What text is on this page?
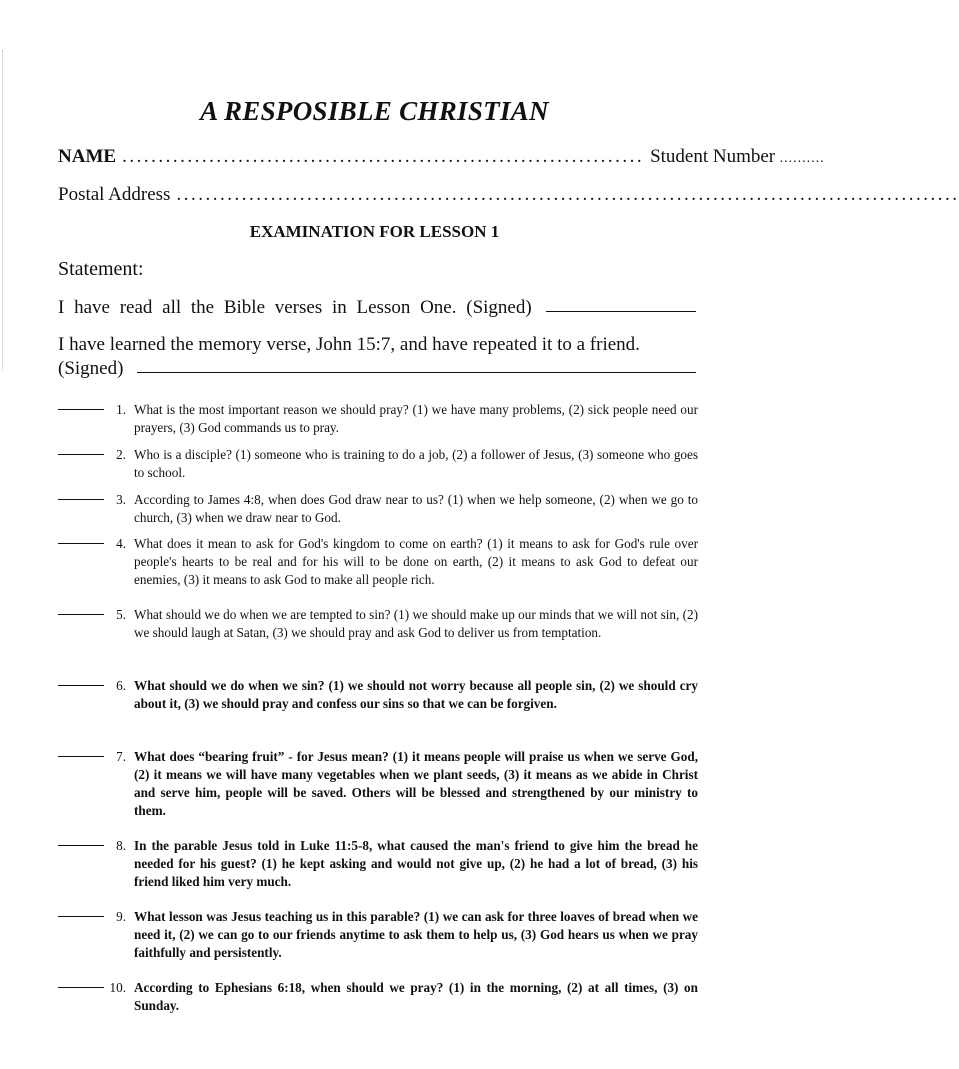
A RESPOSIBLE CHRISTIAN
NAME ........................................................................ Student Number ..........
Postal Address ............................................................................................................
EXAMINATION FOR LESSON 1
Statement:
I have read all the Bible verses in Lesson One. (Signed)
I have learned the memory verse, John 15:7, and have repeated it to a friend.
(Signed)
1. What is the most important reason we should pray? (1) we have many problems, (2) sick people need our prayers, (3) God commands us to pray.
2. Who is a disciple? (1) someone who is training to do a job, (2) a follower of Jesus, (3) someone who goes to school.
3. According to James 4:8, when does God draw near to us? (1) when we help someone, (2) when we go to church, (3) when we draw near to God.
4. What does it mean to ask for God's kingdom to come on earth? (1) it means to ask for God's rule over people's hearts to be real and for his will to be done on earth, (2) it means to ask God to defeat our enemies, (3) it means to ask God to make all people rich.
5. What should we do when we are tempted to sin? (1) we should make up our minds that we will not sin, (2) we should laugh at Satan, (3) we should pray and ask God to deliver us from temptation.
6. What should we do when we sin? (1) we should not worry because all people sin, (2) we should cry about it, (3) we should pray and confess our sins so that we can be forgiven.
7. What does “bearing fruit” - for Jesus mean? (1) it means people will praise us when we serve God, (2) it means we will have many vegetables when we plant seeds, (3) it means as we abide in Christ and serve him, people will be saved. Others will be blessed and strengthened by our ministry to them.
8. In the parable Jesus told in Luke 11:5-8, what caused the man's friend to give him the bread he needed for his guest? (1) he kept asking and would not give up, (2) he had a lot of bread, (3) his friend liked him very much.
9. What lesson was Jesus teaching us in this parable? (1) we can ask for three loaves of bread when we need it, (2) we can go to our friends anytime to ask them to help us, (3) God hears us when we pray faithfully and persistently.
10. According to Ephesians 6:18, when should we pray? (1) in the morning, (2) at all times, (3) on Sunday.
